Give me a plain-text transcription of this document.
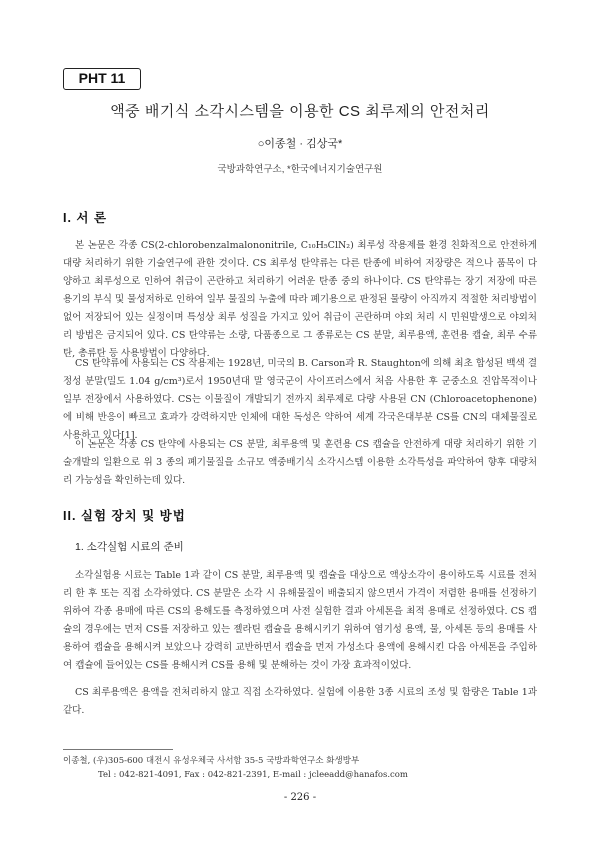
PHT 11
액중 배기식 소각시스템을 이용한 CS 최루제의 안전처리
○이종철 · 김상국*
국방과학연구소, *한국에너지기술연구원
I. 서 론

본 논문은 각종 CS(2-chlorobenzalmalononitrile, C₁₀H₅ClN₂) 최루성 작용제를 환경 친화적으로 안전하게 대량 처리하기 위한 기술연구에 관한 것이다. CS 최루성 탄약류는 다른 탄종에 비하여 저장량은 적으나 품목이 다양하고 최루성으로 인하여 취급이 곤란하고 처리하기 어려운 탄종 중의 하나이다. CS 탄약류는 장기 저장에 따른 용기의 부식 및 물성저하로 인하여 일부 물질의 누출에 따라 폐기용으로 판정된 물량이 아직까지 적절한 처리방법이 없어 저장되어 있는 실정이며 특성상 최루 성질을 가지고 있어 취급이 곤란하며 야외 처리 시 민원발생으로 야외처리 방법은 금지되어 있다. CS 탄약류는 소량, 다품종으로 그 종류로는 CS 분말, 최루용액, 훈련용 캡슐, 최루 수류탄, 총류탄 등 사용방법이 다양하다.

CS 탄약류에 사용되는 CS 작용제는 1928년, 미국의 B. Carson과 R. Staughton에 의해 최초 합성된 백색 결정성 분말(밀도 1.04 g/cm³)로서 1950년대 말 영국군이 사이프러스에서 처음 사용한 후 군중소요 진압목적이나 일부 전장에서 사용하였다. CS는 이물질이 개발되기 전까지 최루제로 다량 사용된 CN (Chloroacetophenone)에 비해 반응이 빠르고 효과가 강력하지만 인체에 대한 독성은 약하여 세계 각국은대부분 CS를 CN의 대체물질로 사용하고 있다[1].

이 논문은 각종 CS 탄약에 사용되는 CS 분말, 최루용액 및 훈련용 CS 캡슐을 안전하게 대량 처리하기 위한 기술개발의 일환으로 위 3 종의 폐기물질을 소규모 액중배기식 소각시스템 이용한 소각특성을 파악하여 향후 대량처리 가능성을 확인하는데 있다.

II. 실험 장치 및 방법
1. 소각실험 시료의 준비

소각실험용 시료는 Table 1과 같이 CS 분말, 최루용액 및 캡슐을 대상으로 액상소각이 용이하도록 시료를 전처리 한 후 또는 직접 소각하였다. CS 분말은 소각 시 유해물질이 배출되지 않으면서 가격이 저렴한 용매를 선정하기 위하여 각종 용매에 따른 CS의 용해도를 측정하였으며 사전 실험한 결과 아세톤을 최적 용매로 선정하였다. CS 캡슐의 경우에는 먼저 CS를 저장하고 있는 젤라틴 캡슐을 용해시키기 위하여 염기성 용액, 물, 아세톤 등의 용매를 사용하여 캡슐을 용해시켜 보았으나 강력히 교반하면서 캡슐을 먼저 가성소다 용액에 용해시킨 다음 아세톤을 주입하여 캡슐에 들어있는 CS를 용해시켜 CS를 용해 및 분해하는 것이 가장 효과적이었다.

CS 최루용액은 용액을 전처리하지 않고 직접 소각하였다. 실험에 이용한 3종 시료의 조성 및 함량은 Table 1과 같다.

이종철, (우)305-600 대전시 유성우체국 사서함 35-5 국방과학연구소 화생방부
Tel : 042-821-4091, Fax : 042-821-2391, E-mail : jcleeadd@hanafos.com
- 226 -
